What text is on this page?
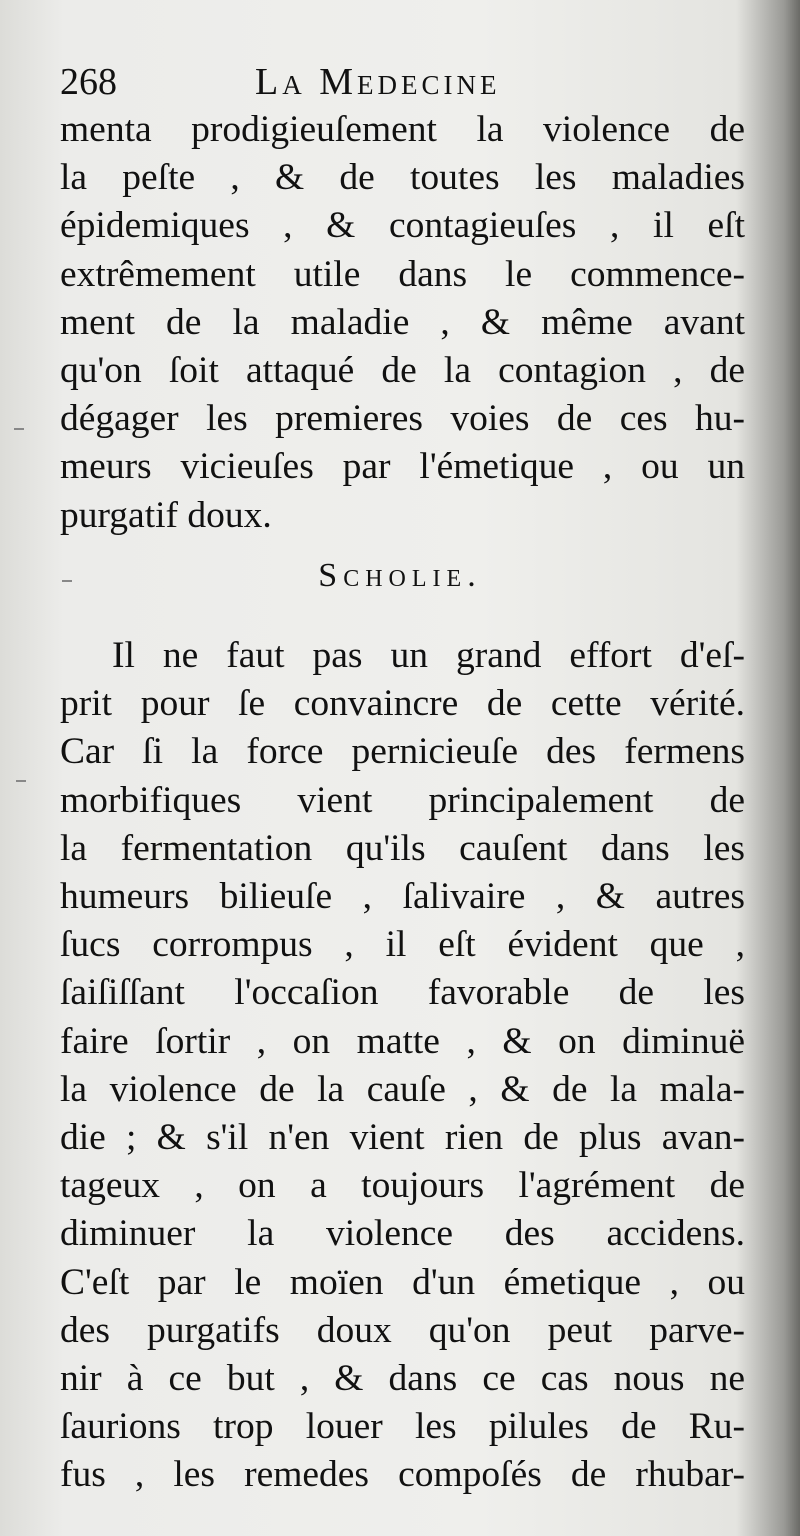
268	La Medecine
menta prodigieuſement la violence de
la peſte , & de toutes les maladies
épidemiques , & contagieuſes , il eſt
extrêmement utile dans le commence-
ment de la maladie , & même avant
qu'on ſoit attaqué de la contagion , de
dégager les premieres voies de ces hu-
meurs vicieuſes par l'émetique , ou un
purgatif doux.
Scholie.
Il ne faut pas un grand effort d'eſ-
prit pour ſe convaincre de cette vérité.
Car ſi la force pernicieuſe des fermens
morbifiques vient principalement de
la fermentation qu'ils cauſent dans les
humeurs bilieuſe , ſalivaire , & autres
ſucs corrompus , il eſt évident que ,
ſaiſiſſant l'occaſion favorable de les
faire ſortir , on matte , & on diminuë
la violence de la cauſe , & de la mala-
die ; & s'il n'en vient rien de plus avan-
tageux , on a toujours l'agrément de
diminuer la violence des accidens.
C'eſt par le moïen d'un émetique , ou
des purgatifs doux qu'on peut parve-
nir à ce but , & dans ce cas nous ne
ſaurions trop louer les pilules de Ru-
fus , les remedes compoſés de rhubar-
